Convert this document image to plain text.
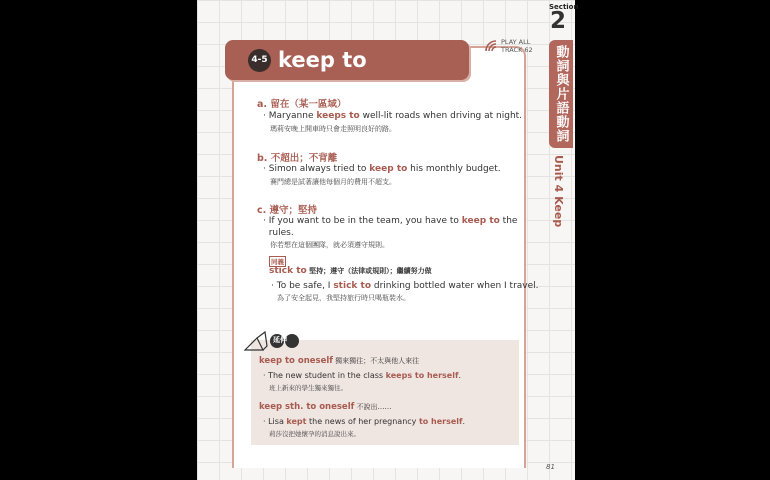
Section
2
動詞與片語動詞
Unit 4 Keep
4-5 keep to
PLAY ALL
TRACK 62
a. 留在（某一區域）
· Maryanne keeps to well-lit roads when driving at night.
瑪莉安晚上開車時只會走照明良好的路。
b. 不超出；不背離
· Simon always tried to keep to his monthly budget.
賽門總是試著讓他每個月的費用不超支。
c. 遵守；堅持
· If you want to be in the team, you have to keep to the
rules.
你若想在這個團隊，就必須遵守規則。
同義
stick to 堅持；遵守（法律或規則）；繼續努力做
· To be safe, I stick to drinking bottled water when I travel.
為了安全起見，我堅持旅行時只喝瓶裝水。
延伸
keep to oneself 獨來獨往；不太與他人來往
· The new student in the class keeps to herself.
班上新來的學生獨來獨往。
keep sth. to oneself 不說出……
· Lisa kept the news of her pregnancy to herself.
莉莎沒把她懷孕的消息說出來。
81
